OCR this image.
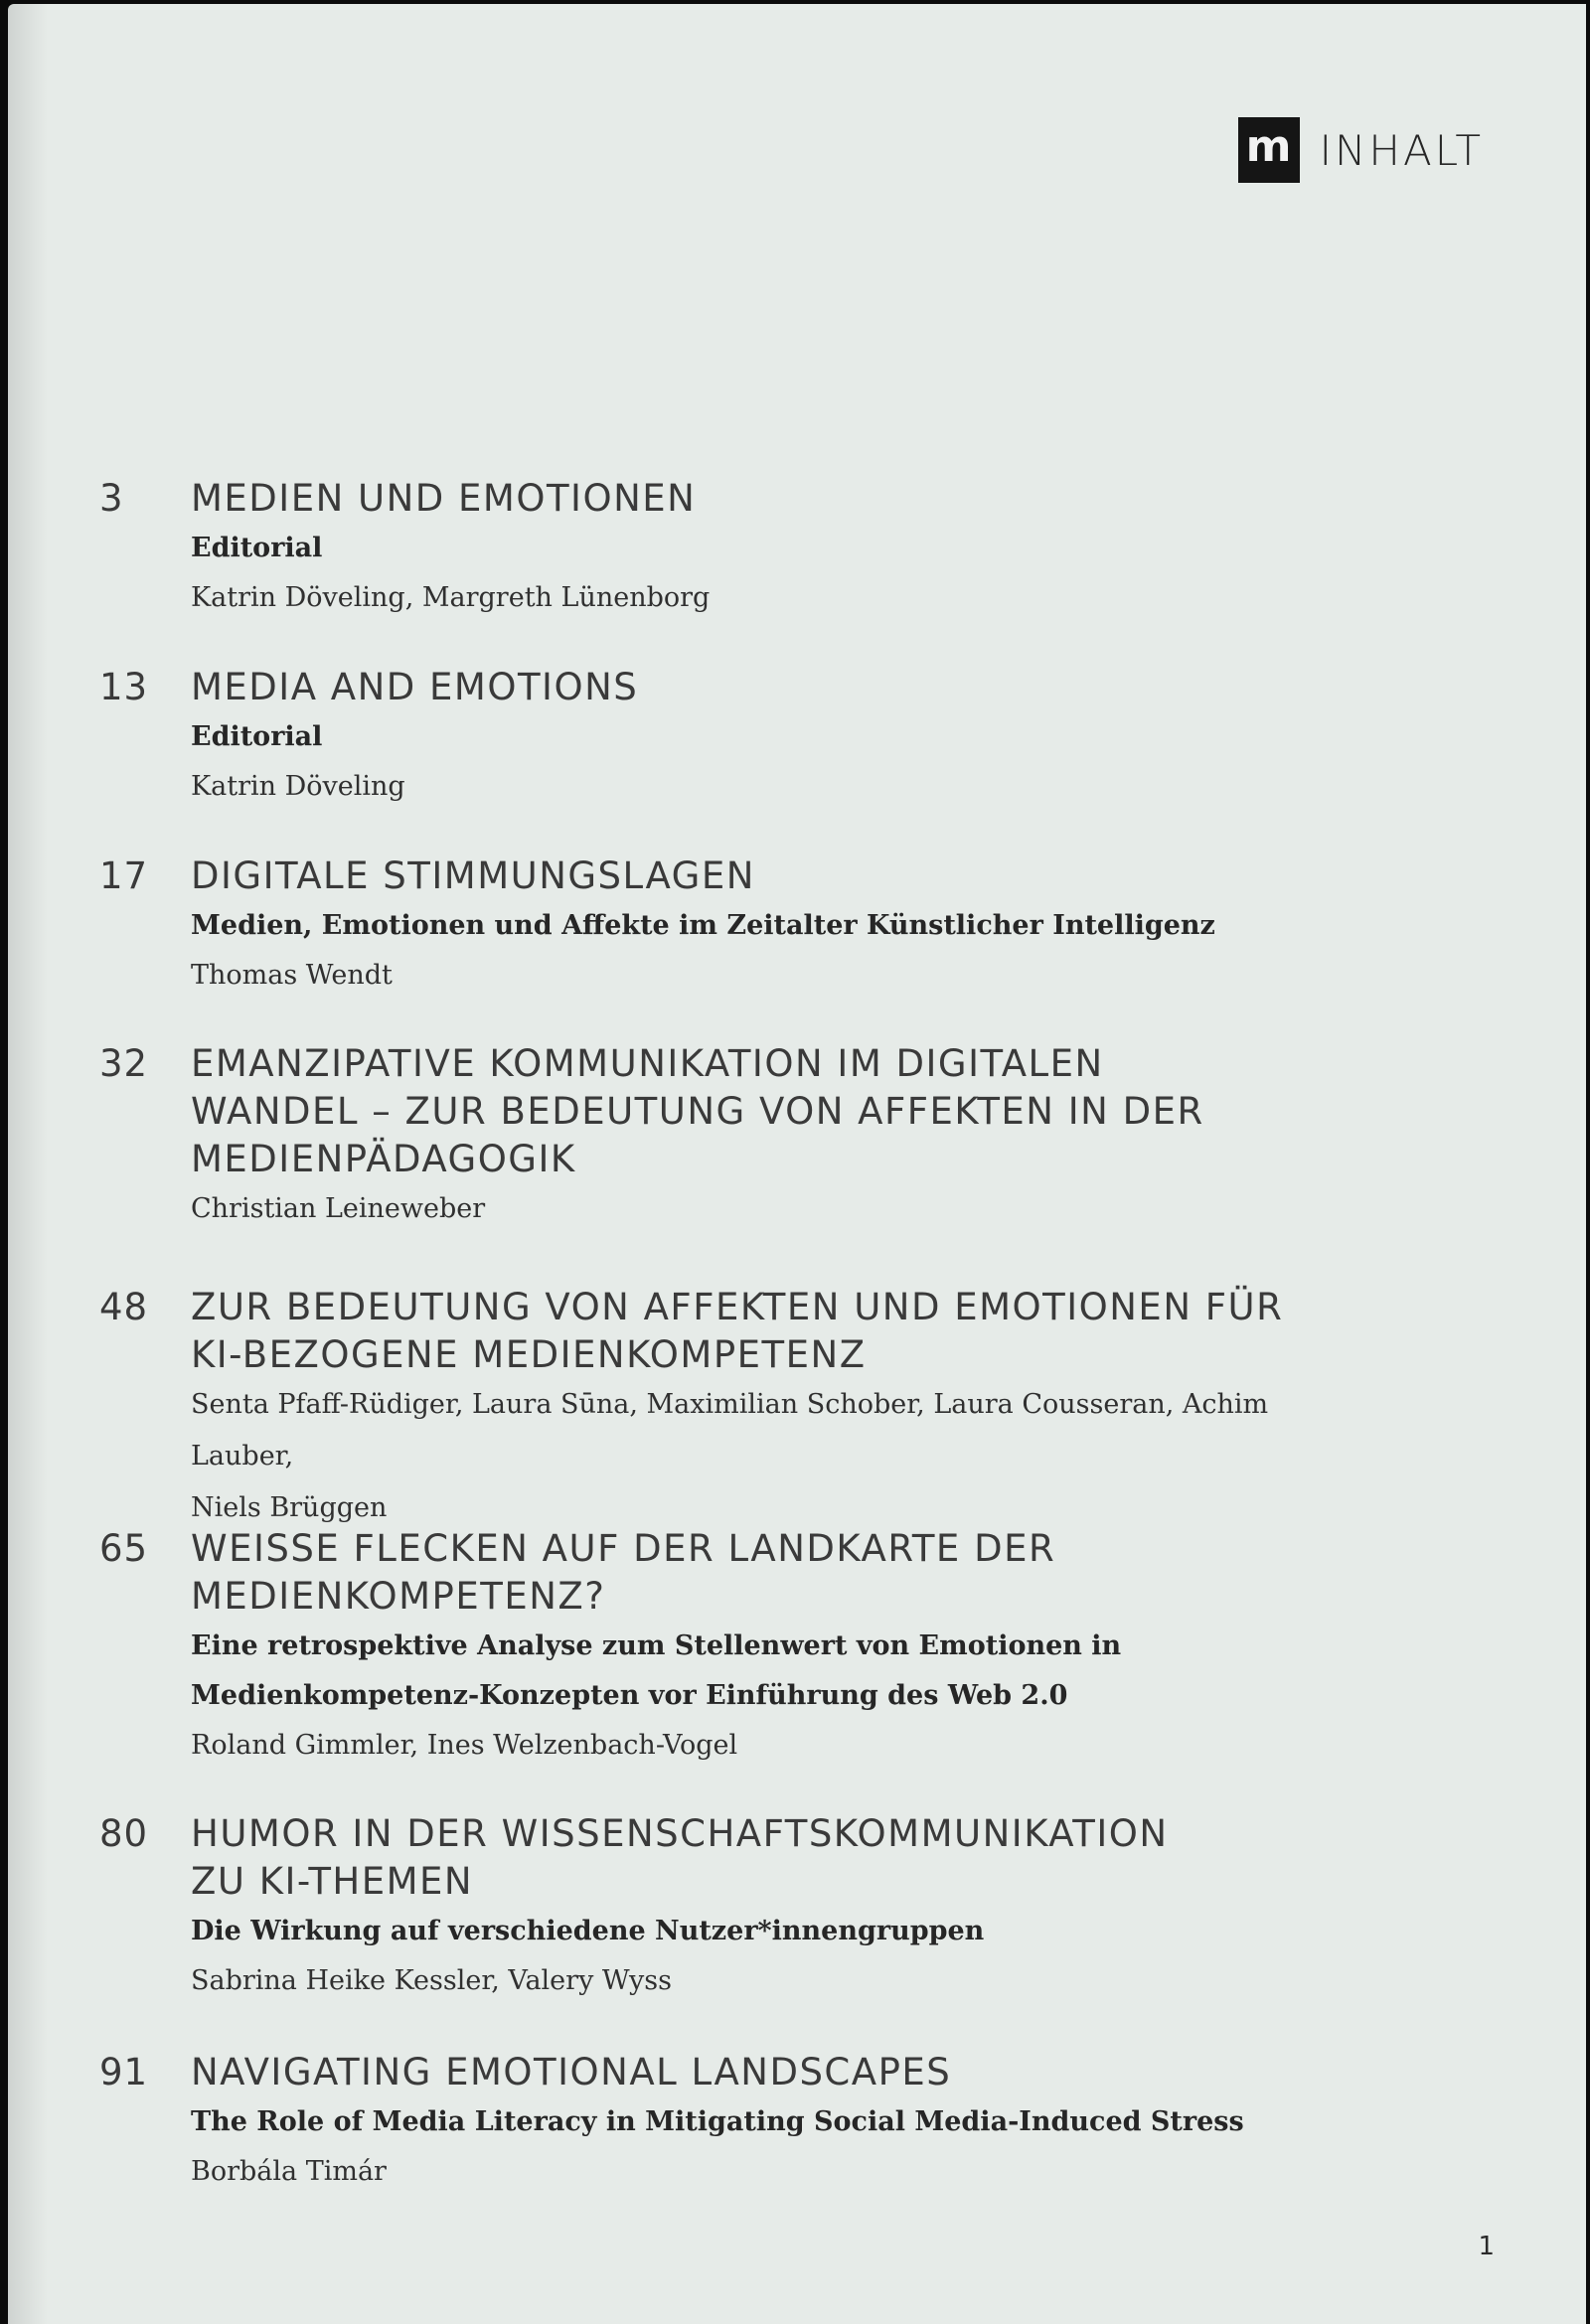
m INHALT
3 MEDIEN UND EMOTIONEN
Editorial
Katrin Döveling, Margreth Lünenborg
13 MEDIA AND EMOTIONS
Editorial
Katrin Döveling
17 DIGITALE STIMMUNGSLAGEN
Medien, Emotionen und Affekte im Zeitalter Künstlicher Intelligenz
Thomas Wendt
32 EMANZIPATIVE KOMMUNIKATION IM DIGITALEN
WANDEL – ZUR BEDEUTUNG VON AFFEKTEN IN DER
MEDIENPÄDAGOGIK
Christian Leineweber
48 ZUR BEDEUTUNG VON AFFEKTEN UND EMOTIONEN FÜR
KI-BEZOGENE MEDIENKOMPETENZ
Senta Pfaff-Rüdiger, Laura Sūna, Maximilian Schober, Laura Cousseran, Achim Lauber,
Niels Brüggen
65 WEISSE FLECKEN AUF DER LANDKARTE DER
MEDIENKOMPETENZ?
Eine retrospektive Analyse zum Stellenwert von Emotionen in
Medienkompetenz-Konzepten vor Einführung des Web 2.0
Roland Gimmler, Ines Welzenbach-Vogel
80 HUMOR IN DER WISSENSCHAFTSKOMMUNIKATION
ZU KI-THEMEN
Die Wirkung auf verschiedene Nutzer*innengruppen
Sabrina Heike Kessler, Valery Wyss
91 NAVIGATING EMOTIONAL LANDSCAPES
The Role of Media Literacy in Mitigating Social Media-Induced Stress
Borbála Timár
1
